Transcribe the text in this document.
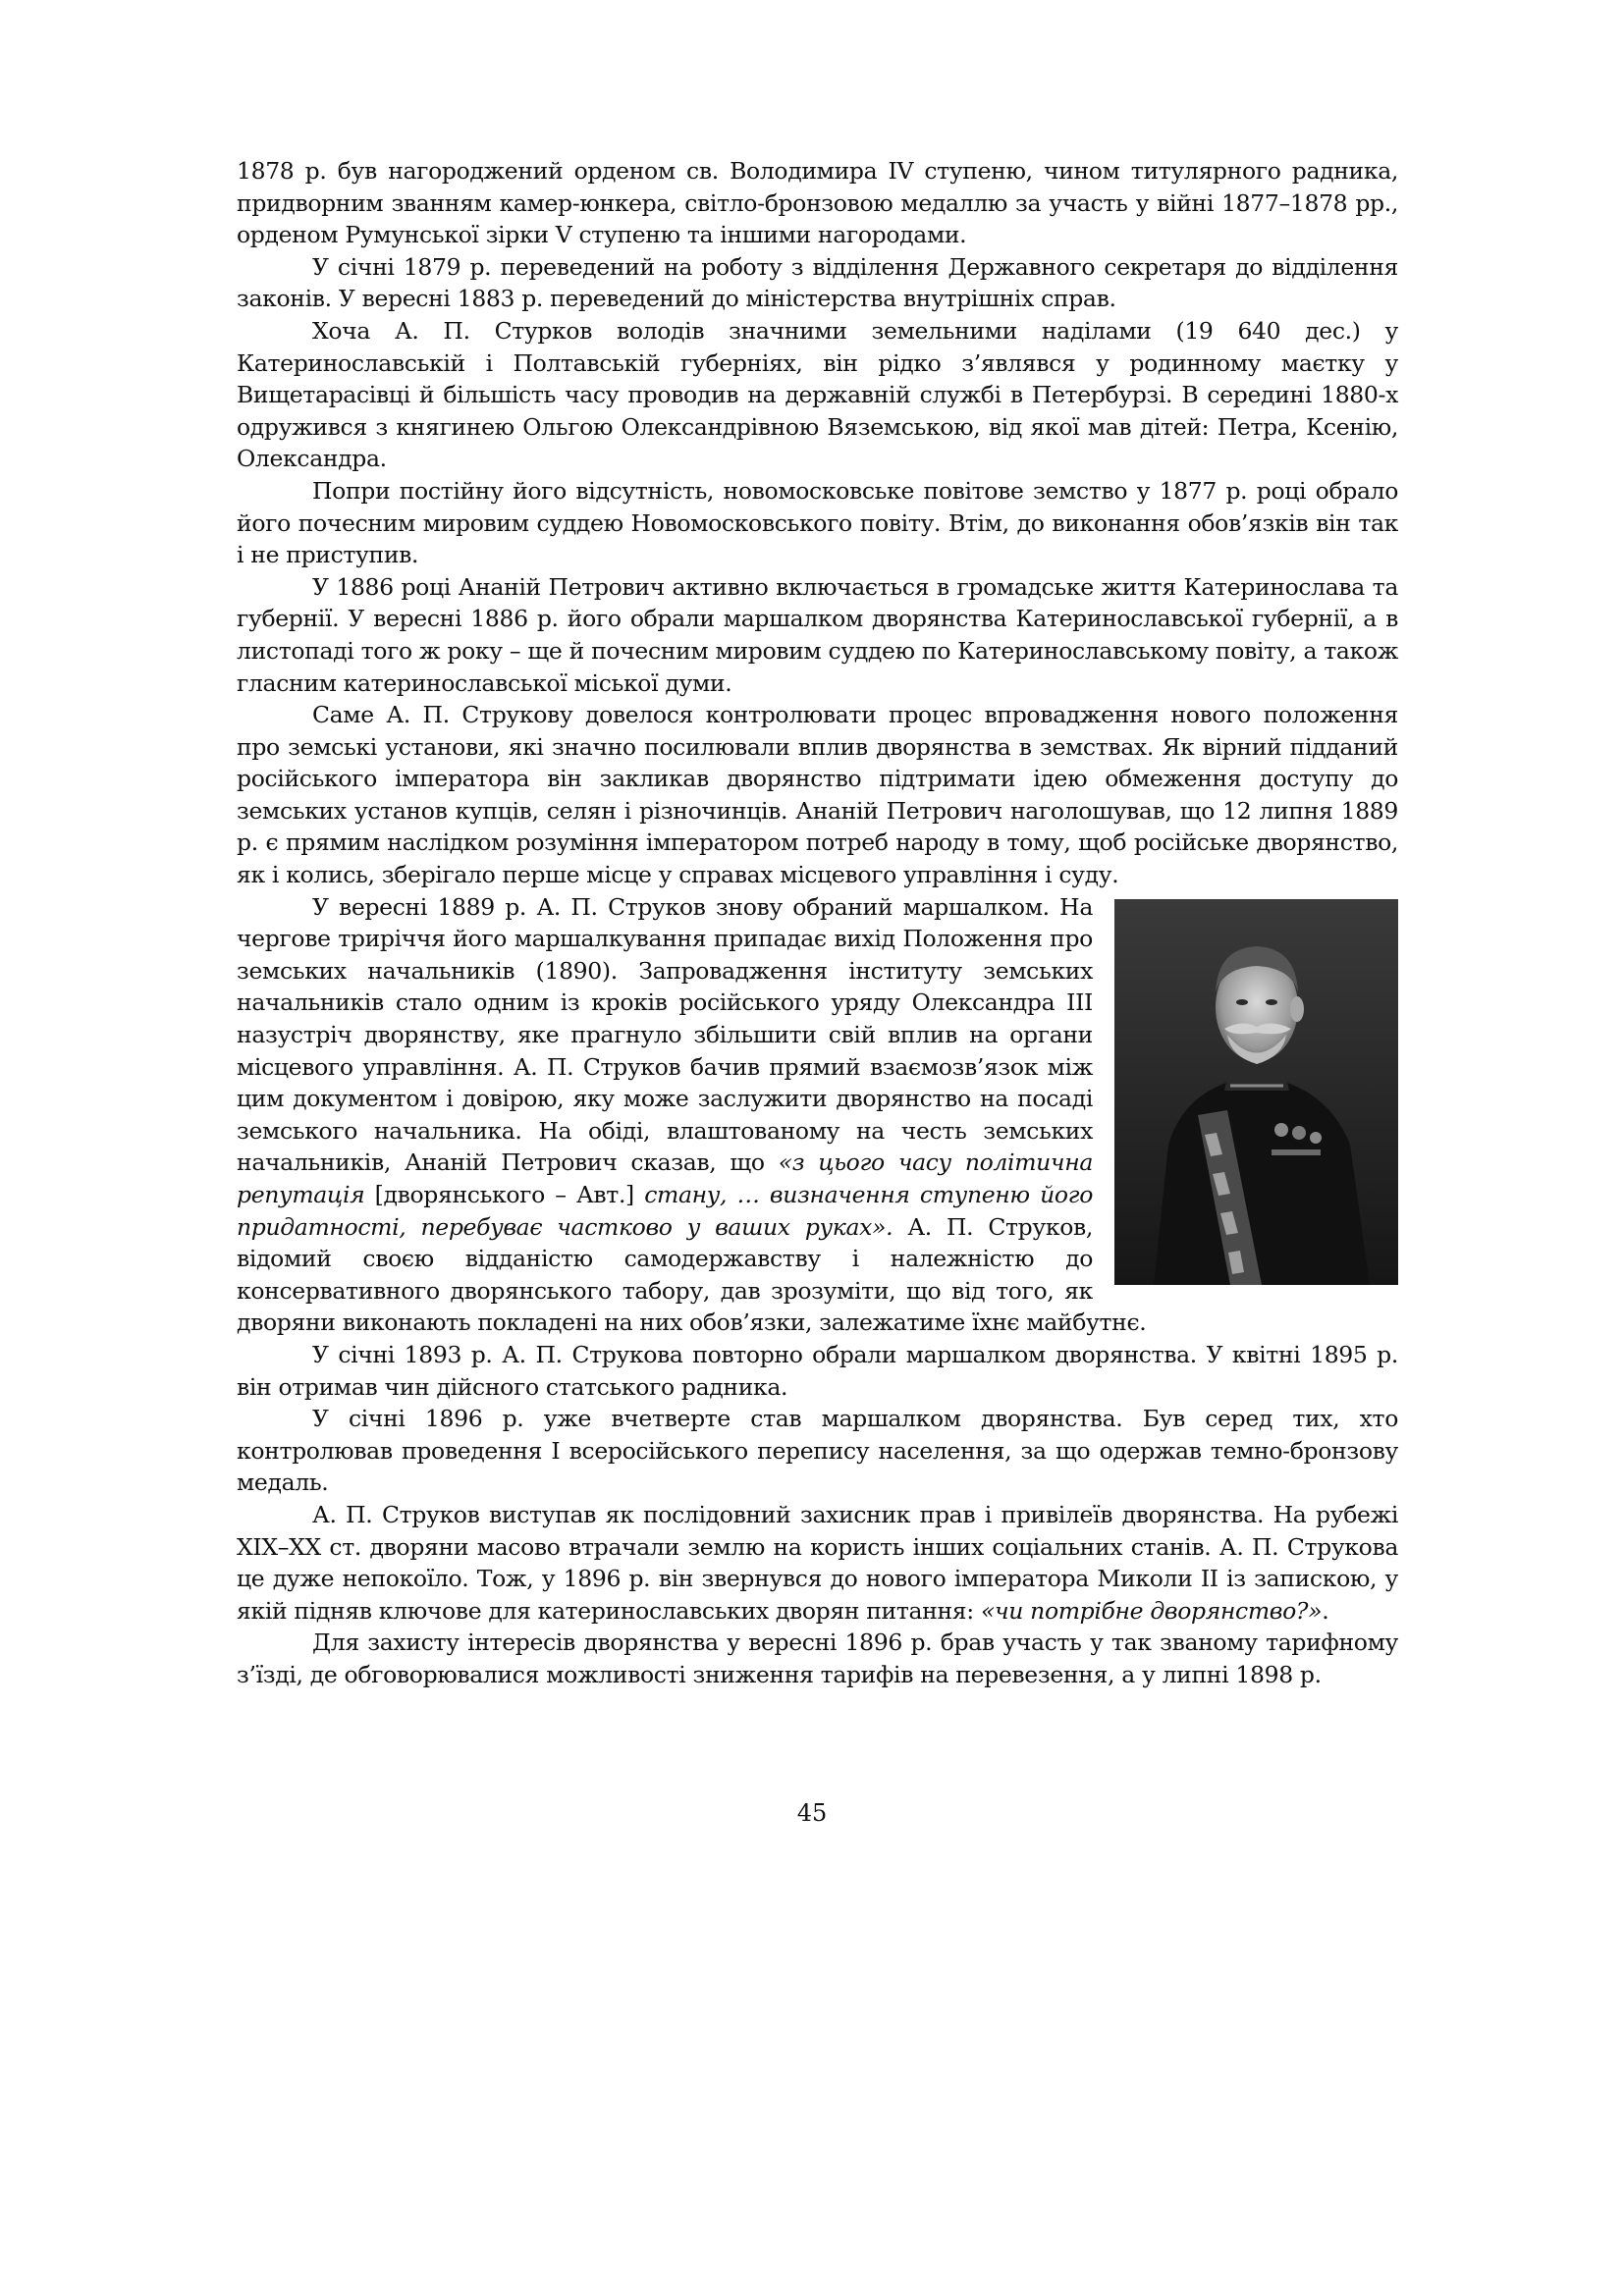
1878 р. був нагороджений орденом св. Володимира IV ступеню, чином титулярного радника, придворним званням камер-юнкера, світло-бронзовою медаллю за участь у війні 1877–1878 рр., орденом Румунської зірки V ступеню та іншими нагородами.

У січні 1879 р. переведений на роботу з відділення Державного секретаря до відділення законів. У вересні 1883 р. переведений до міністерства внутрішніх справ.

Хоча А. П. Стурков володів значними земельними наділами (19 640 дес.) у Катеринославській і Полтавській губерніях, він рідко з’являвся у родинному маєтку у Вищетарасівці й більшість часу проводив на державній службі в Петербурзі. В середині 1880-х одружився з княгинею Ольгою Олександрівною Вяземською, від якої мав дітей: Петра, Ксенію, Олександра.

Попри постійну його відсутність, новомосковське повітове земство у 1877 р. році обрало його почесним мировим суддею Новомосковського повіту. Втім, до виконання обов’язків він так і не приступив.

У 1886 році Ананій Петрович активно включається в громадське життя Катеринослава та губернії. У вересні 1886 р. його обрали маршалком дворянства Катеринославської губернії, а в листопаді того ж року – ще й почесним мировим суддею по Катеринославському повіту, а також гласним катеринославської міської думи.

Саме А. П. Струкову довелося контролювати процес впровадження нового положення про земські установи, які значно посилювали вплив дворянства в земствах. Як вірний підданий російського імператора він закликав дворянство підтримати ідею обмеження доступу до земських установ купців, селян і різночинців. Ананій Петрович наголошував, що 12 липня 1889 р. є прямим наслідком розуміння імператором потреб народу в тому, щоб російське дворянство, як і колись, зберігало перше місце у справах місцевого управління і суду.

У вересні 1889 р. А. П. Струков знову обраний маршалком. На чергове триріччя його маршалкування припадає вихід Положення про земських начальників (1890). Запровадження інституту земських начальників стало одним із кроків російського уряду Олександра III назустріч дворянству, яке прагнуло збільшити свій вплив на органи місцевого управління. А. П. Струков бачив прямий взаємозв’язок між цим документом і довірою, яку може заслужити дворянство на посаді земського начальника. На обіді, влаштованому на честь земських начальників, Ананій Петрович сказав, що «з цього часу політична репутація [дворянського – Авт.] стану, … визначення ступеню його придатності, перебуває частково у ваших руках». А. П. Струков, відомий своєю відданістю самодержавству і належністю до консервативного дворянського табору, дав зрозуміти, що від того, як дворяни виконають покладені на них обов’язки, залежатиме їхнє майбутнє.

У січні 1893 р. А. П. Струкова повторно обрали маршалком дворянства. У квітні 1895 р. він отримав чин дійсного статського радника.

У січні 1896 р. уже вчетверте став маршалком дворянства. Був серед тих, хто контролював проведення І всеросійського перепису населення, за що одержав темно-бронзову медаль.

А. П. Струков виступав як послідовний захисник прав і привілеїв дворянства. На рубежі XIX–XX ст. дворяни масово втрачали землю на користь інших соціальних станів. А. П. Струкова це дуже непокоїло. Тож, у 1896 р. він звернувся до нового імператора Миколи II із запискою, у якій підняв ключове для катеринославських дворян питання: «чи потрібне дворянство?».

Для захисту інтересів дворянства у вересні 1896 р. брав участь у так званому тарифному з’їзді, де обговорювалися можливості зниження тарифів на перевезення, а у липні 1898 р.

45
